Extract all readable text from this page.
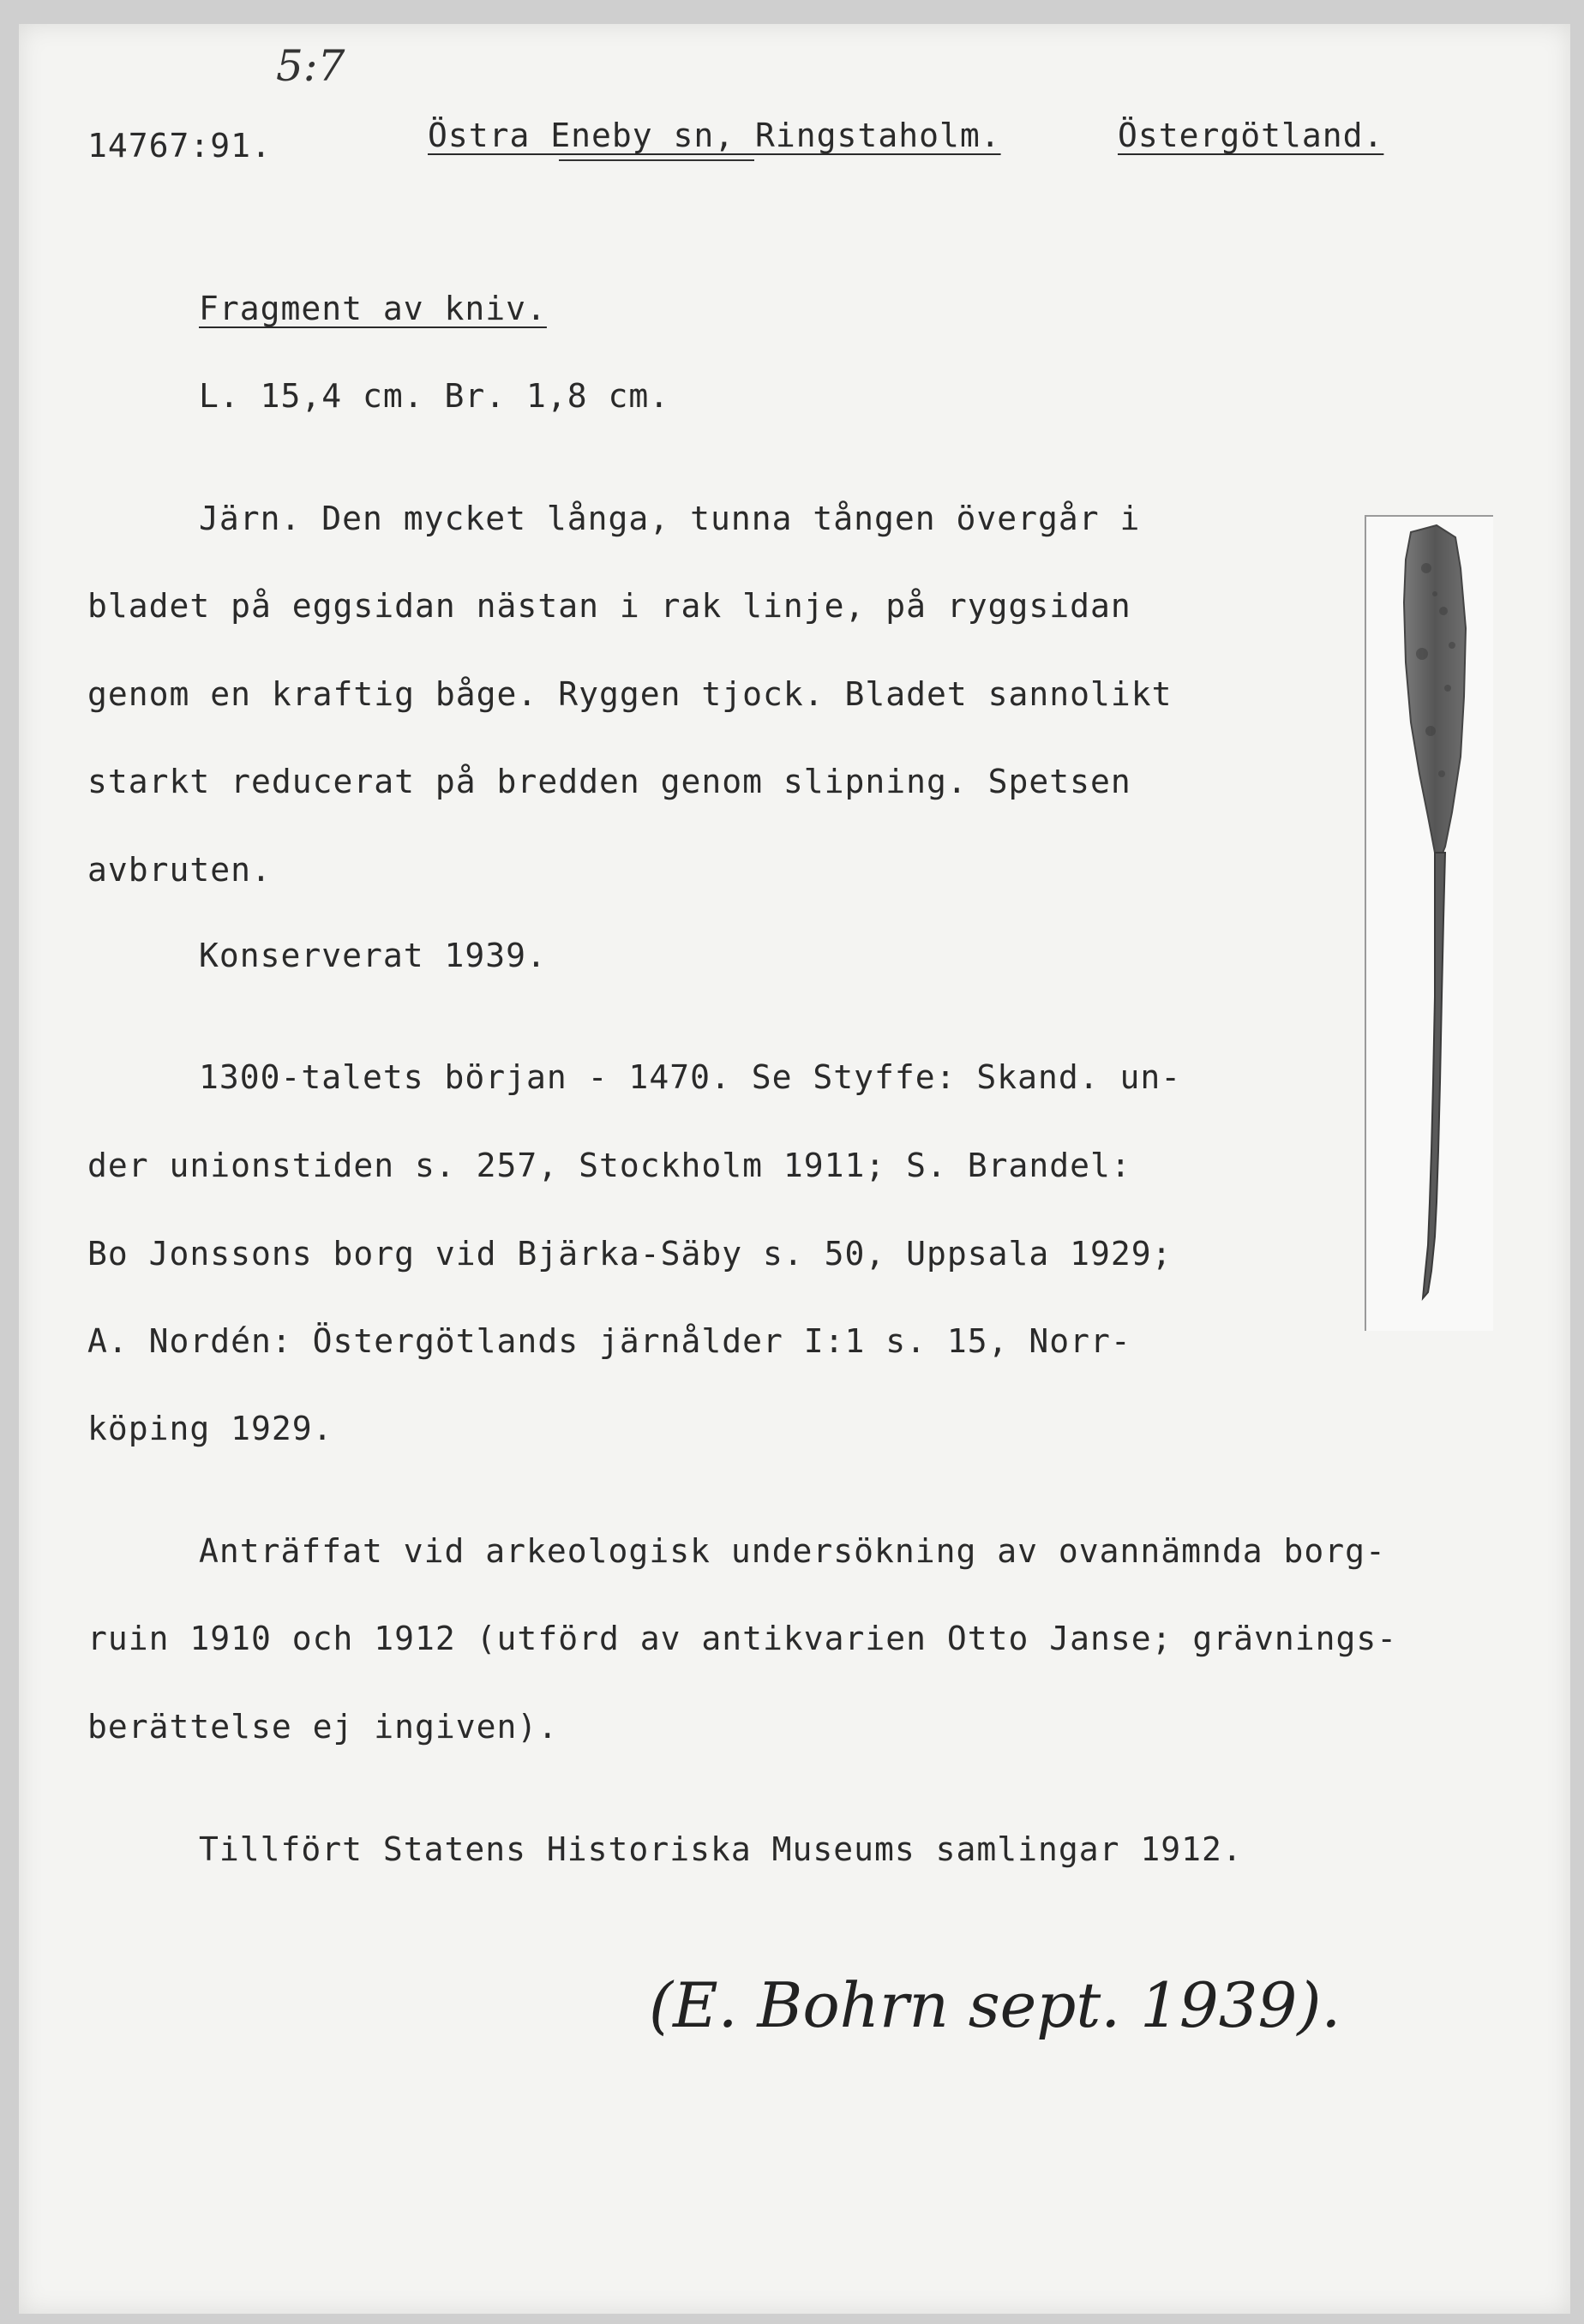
5:7
14767:91.	Östra Eneby sn, Ringstaholm.	Östergötland.
Fragment av kniv.
L. 15,4 cm. Br. 1,8 cm.
Järn. Den mycket långa, tunna tången övergår i
bladet på eggsidan nästan i rak linje, på ryggsidan
genom en kraftig båge. Ryggen tjock. Bladet sannolikt
starkt reducerat på bredden genom slipning. Spetsen
avbruten.
Konserverat 1939.
1300-talets början - 1470. Se Styffe: Skand. un-
der unionstiden s. 257, Stockholm 1911; S. Brandel:
Bo Jonssons borg vid Bjärka-Säby s. 50, Uppsala 1929;
A. Nordén: Östergötlands järnålder I:1 s. 15, Norr-
köping 1929.
Anträffat vid arkeologisk undersökning av ovannämnda borg-
ruin 1910 och 1912 (utförd av antikvarien Otto Janse; grävnings-
berättelse ej ingiven).
Tillfört Statens Historiska Museums samlingar 1912.
(E. Bohrn sept. 1939).
